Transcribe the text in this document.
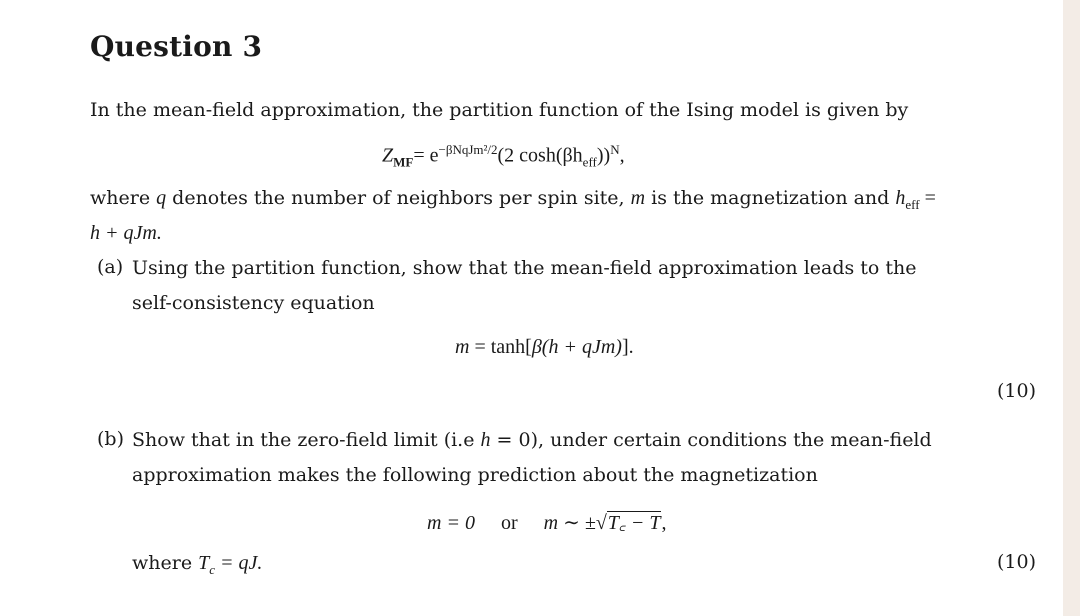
Question 3
In the mean-field approximation, the partition function of the Ising model is given by
$Z_{MF}= e^{-\beta NqJm^2/2}(2$ $\cosh(\beta h_{eff}))^N$,
where q denotes the number of neighbors per spin site, m is the magnetization and $h_{eff}$ =
h + qJm.
(a) Using the partition function, show that the mean-field approximation leads to the
self-consistency equation
m = tanh[β(h + qJm)].
(10)
(b) Show that in the zero-field limit (i.e h = 0), under certain conditions the mean-field
approximation makes the following prediction about the magnetization
m = 0 or m ∼ ±√T꜀ − T,
where $T_c$ = qJ.	(10)
